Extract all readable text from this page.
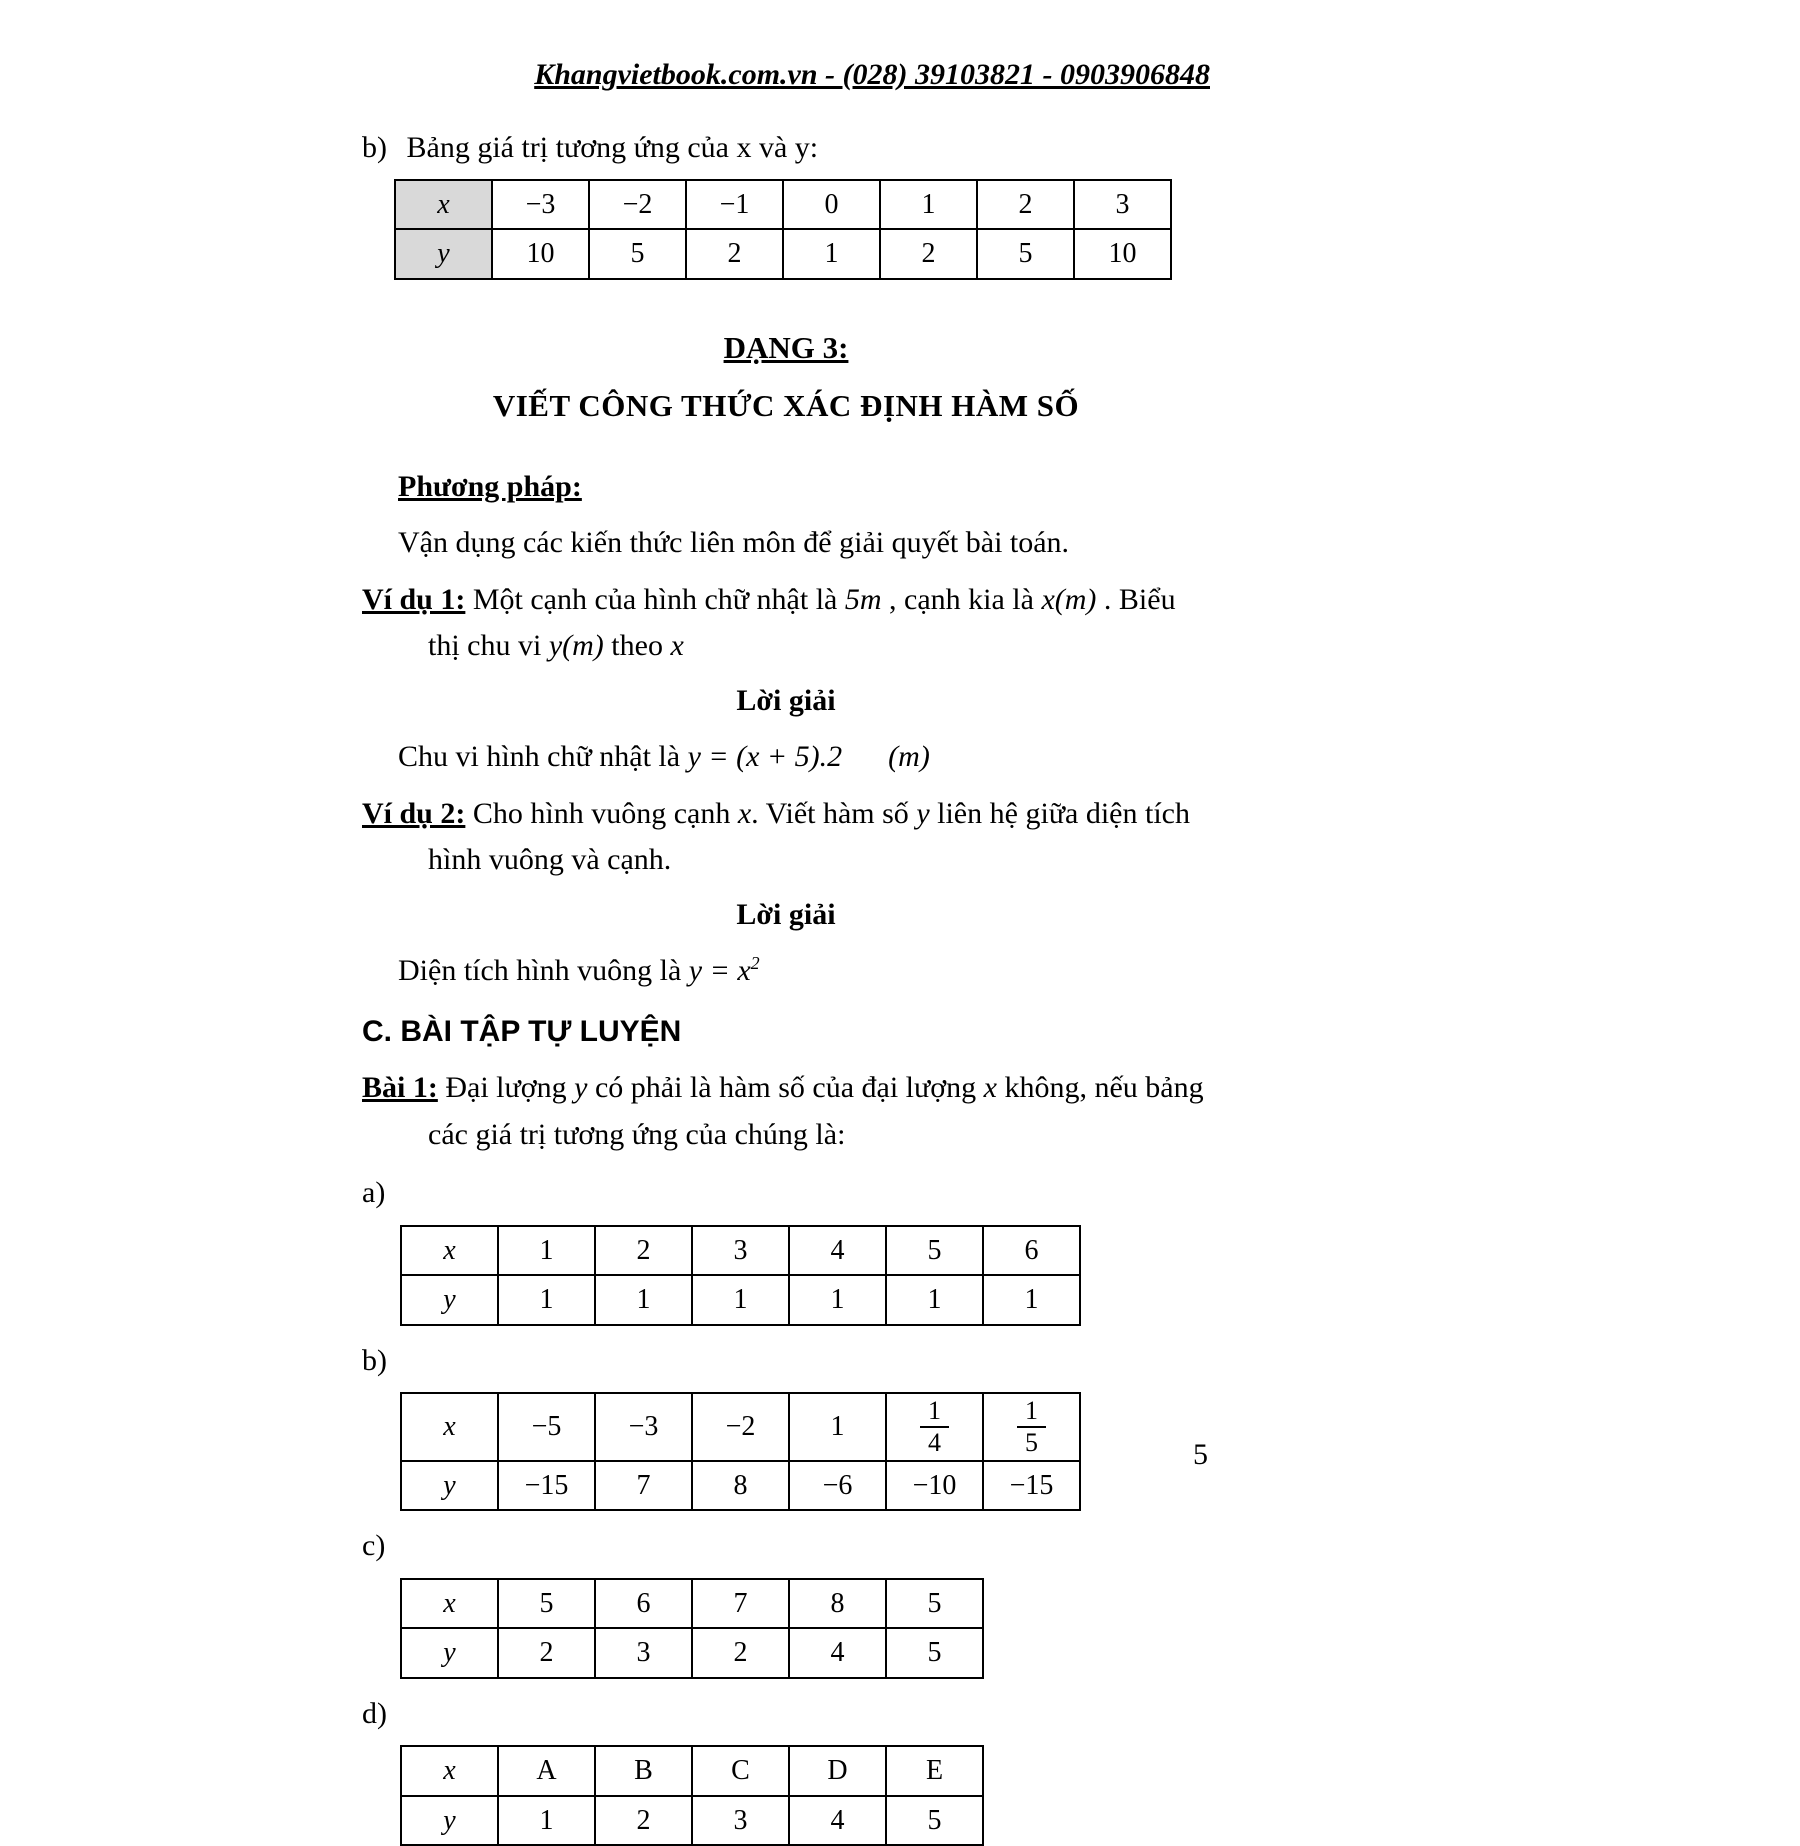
Khangvietbook.com.vn - (028) 39103821 - 0903906848
b) Bảng giá trị tương ứng của x và y:
x	−3	−2	−1	0	1	2	3
y	10	5	2	1	2	5	10
DẠNG 3:
VIẾT CÔNG THỨC XÁC ĐỊNH HÀM SỐ
Phương pháp:
Vận dụng các kiến thức liên môn để giải quyết bài toán.
Ví dụ 1: Một cạnh của hình chữ nhật là 5m , cạnh kia là x(m) . Biểu thị chu vi y(m) theo x
Lời giải
Chu vi hình chữ nhật là y = (x + 5).2 (m)
Ví dụ 2: Cho hình vuông cạnh x. Viết hàm số y liên hệ giữa diện tích hình vuông và cạnh.
Lời giải
Diện tích hình vuông là $y = x^2$
C. BÀI TẬP TỰ LUYỆN
Bài 1: Đại lượng y có phải là hàm số của đại lượng x không, nếu bảng các giá trị tương ứng của chúng là:
a)
x	1	2	3	4	5	6
y	1	1	1	1	1	1
b)
x	−5	−3	−2	1	$\frac{1}{4}$	$\frac{1}{5}$

y	−15	7	8	−6	−10	−15
c)
x	5	6	7	8	5
y	2	3	2	4	5
d)
x	A	B	C	D	E
y	1	2	3	4	5
5
